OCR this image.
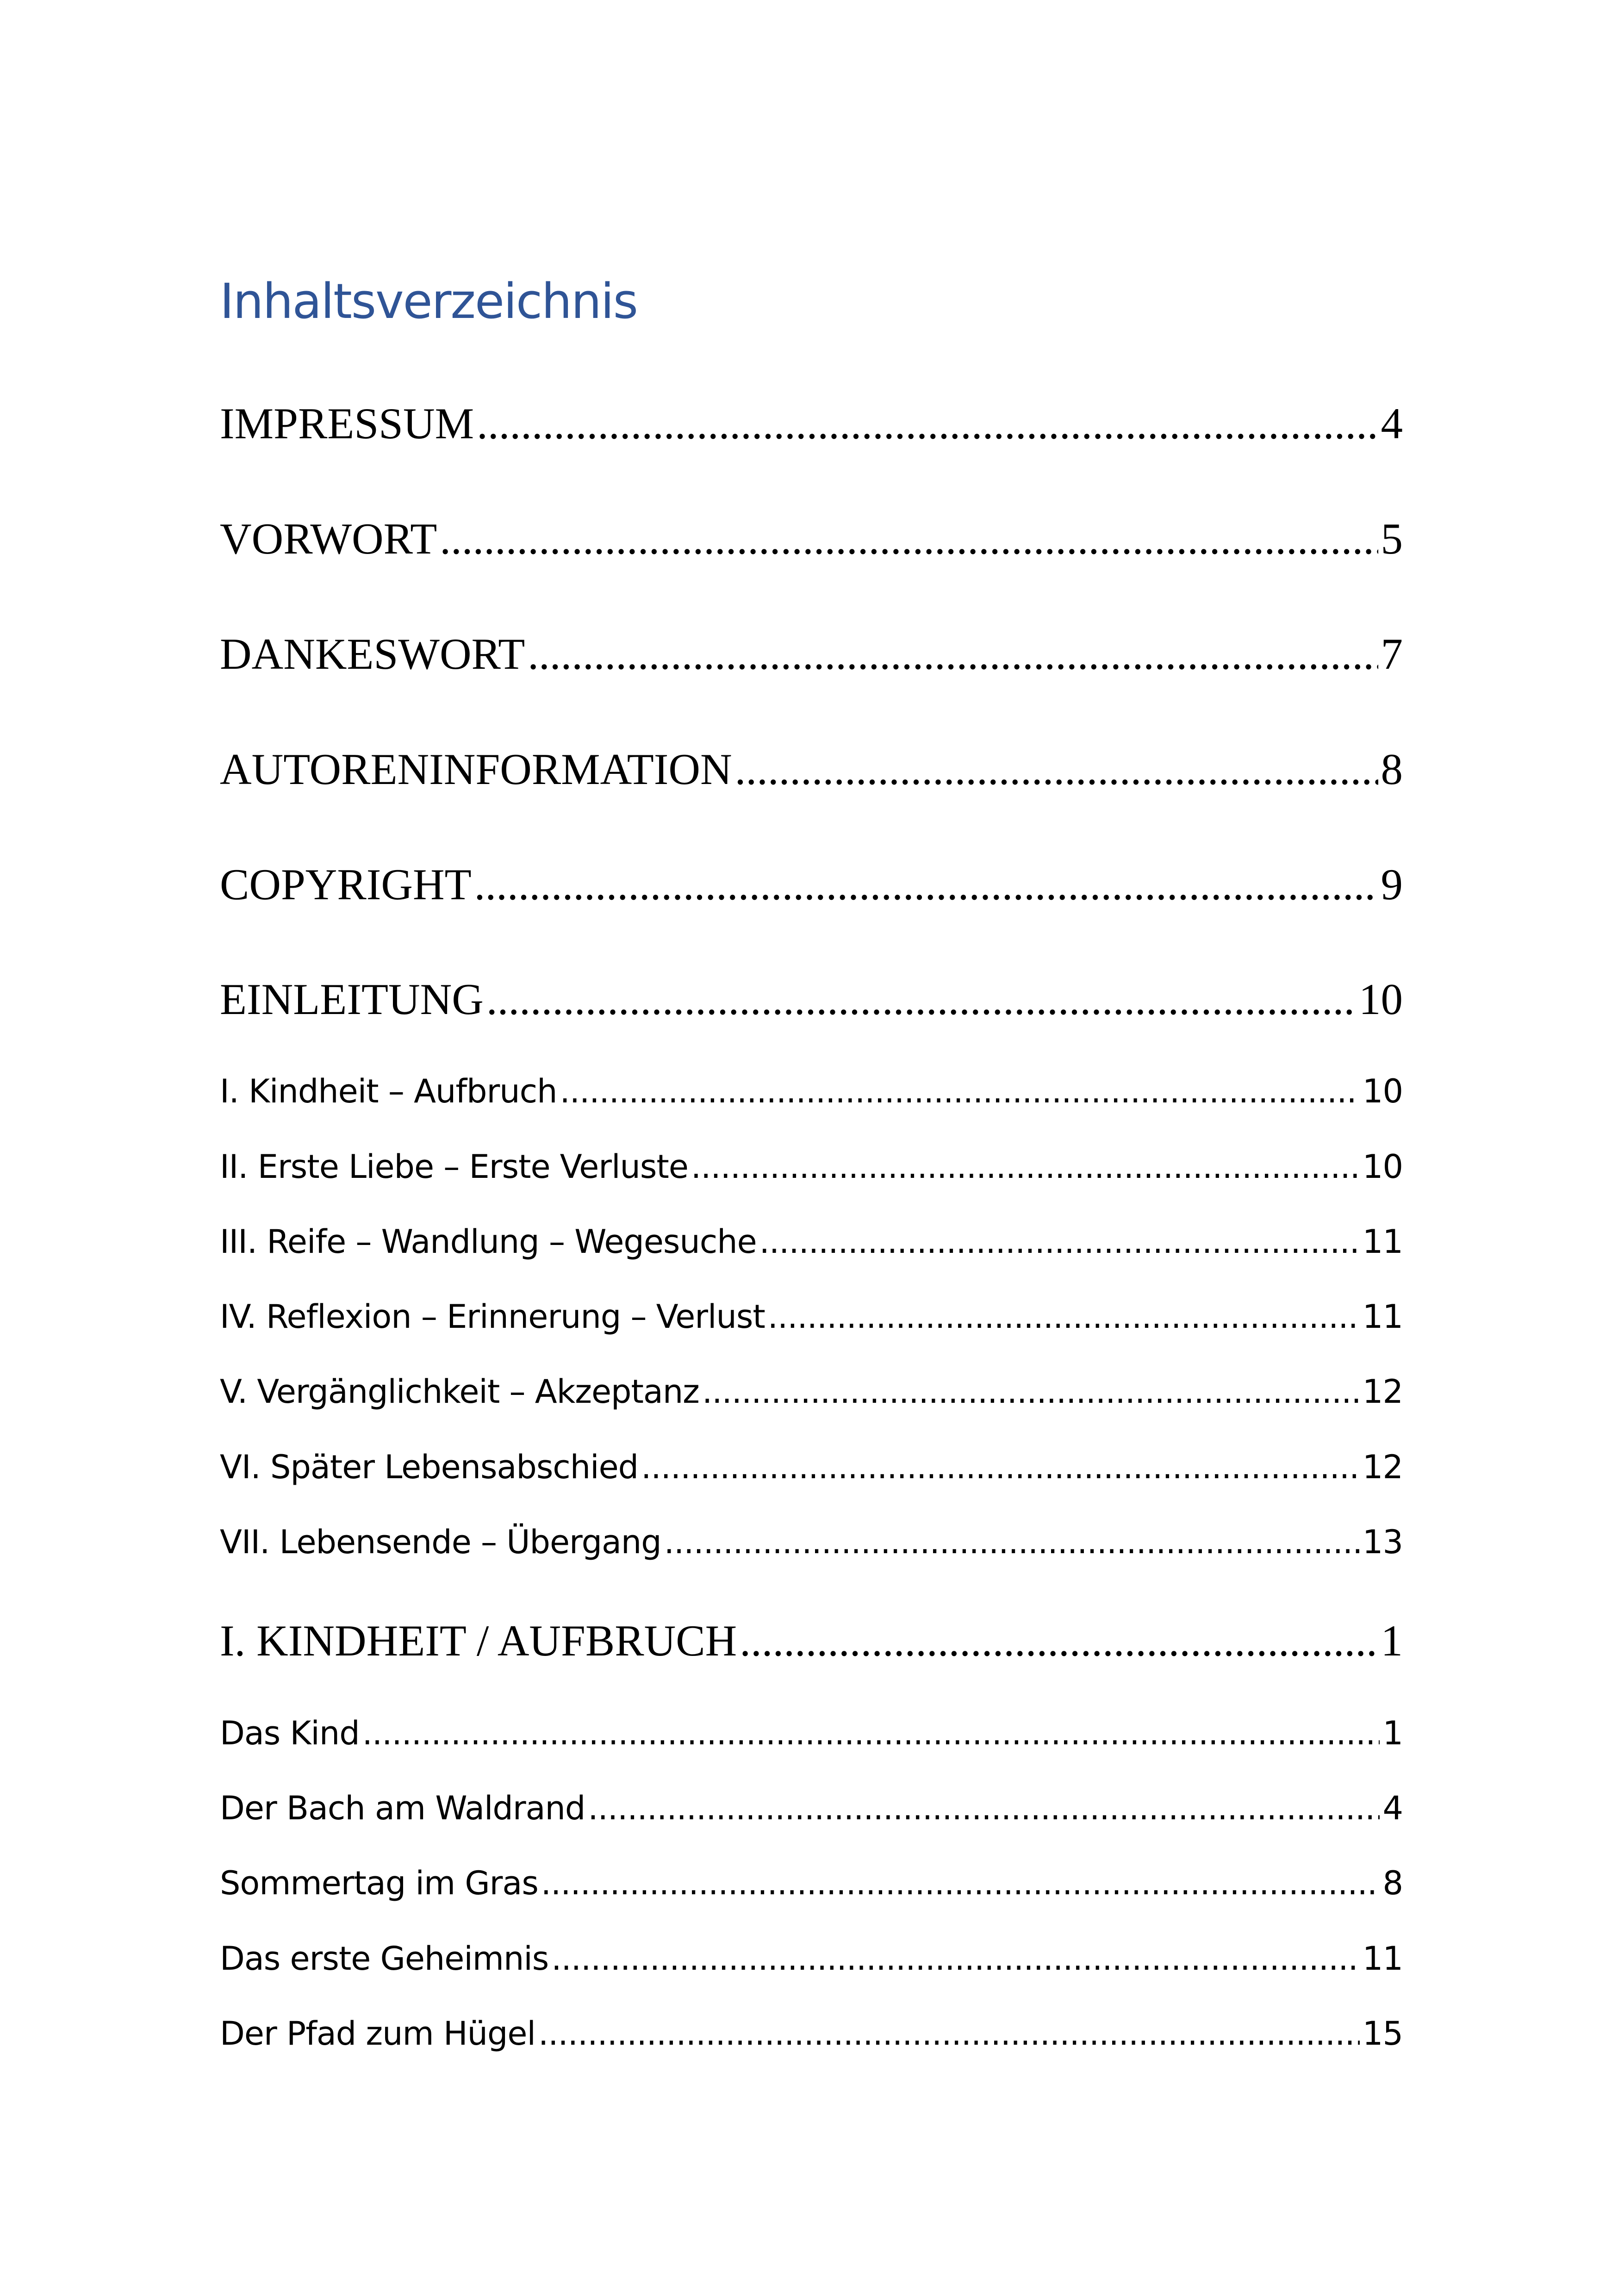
Inhaltsverzeichnis
IMPRESSUM .....	4
VORWORT .....	5
DANKESWORT .....	7
AUTORENINFORMATION .....	8
COPYRIGHT .....	9
EINLEITUNG .....	10
I. Kindheit – Aufbruch .....	10
II. Erste Liebe – Erste Verluste .....	10
III. Reife – Wandlung – Wegesuche .....	11
IV. Reflexion – Erinnerung – Verlust .....	11
V. Vergänglichkeit – Akzeptanz .....	12
VI. Später Lebensabschied .....	12
VII. Lebensende – Übergang .....	13
I. KINDHEIT / AUFBRUCH .....	1
Das Kind .....	1
Der Bach am Waldrand .....	4
Sommertag im Gras .....	8
Das erste Geheimnis .....	11
Der Pfad zum Hügel .....	15
